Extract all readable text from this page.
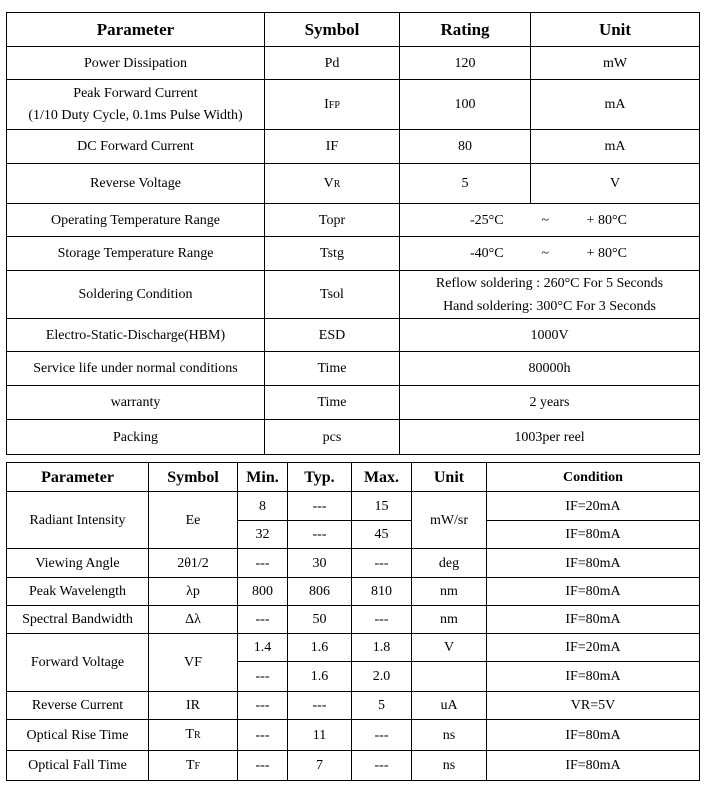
Parameter	Symbol	Rating	Unit
Power Dissipation	Pd	120	mW

Peak Forward Current
(1/10 Duty Cycle, 0.1ms Pulse Width)	IFP	100	mA
DC Forward Current	IF	80	mA
Reverse Voltage	VR	5	V
Operating Temperature Range	Topr	-25°C ~ + 80°C	

Storage Temperature Range	Tstg	-40°C ~ + 80°C	

Soldering Condition	Tsol	Reflow soldering : 260°C For 5 Seconds
Hand soldering: 300°C For 3 Seconds	

Electro-Static-Discharge(HBM)	ESD	1000V	
Service life under normal conditions	Time	80000h	
warranty	Time	2 years	
Packing	pcs	1003per reel	
Parameter	Symbol	Min.	Typ.	Max.	Unit	Condition
Radiant Intensity	Ee	8	---	15	mW/sr	IF=20mA
		32	---	45		IF=80mA
Viewing Angle	2θ1/2	---	30	---	deg	IF=80mA
Peak Wavelength	λp	800	806	810	nm	IF=80mA
Spectral Bandwidth	Δλ	---	50	---	nm	IF=80mA
Forward Voltage	VF	1.4	1.6	1.8	V	IF=20mA
		---	1.6	2.0		IF=80mA
Reverse Current	IR	---	---	5	uA	VR=5V
Optical Rise Time	TR	---	11	---	ns	IF=80mA
Optical Fall Time	TF	---	7	---	ns	IF=80mA
